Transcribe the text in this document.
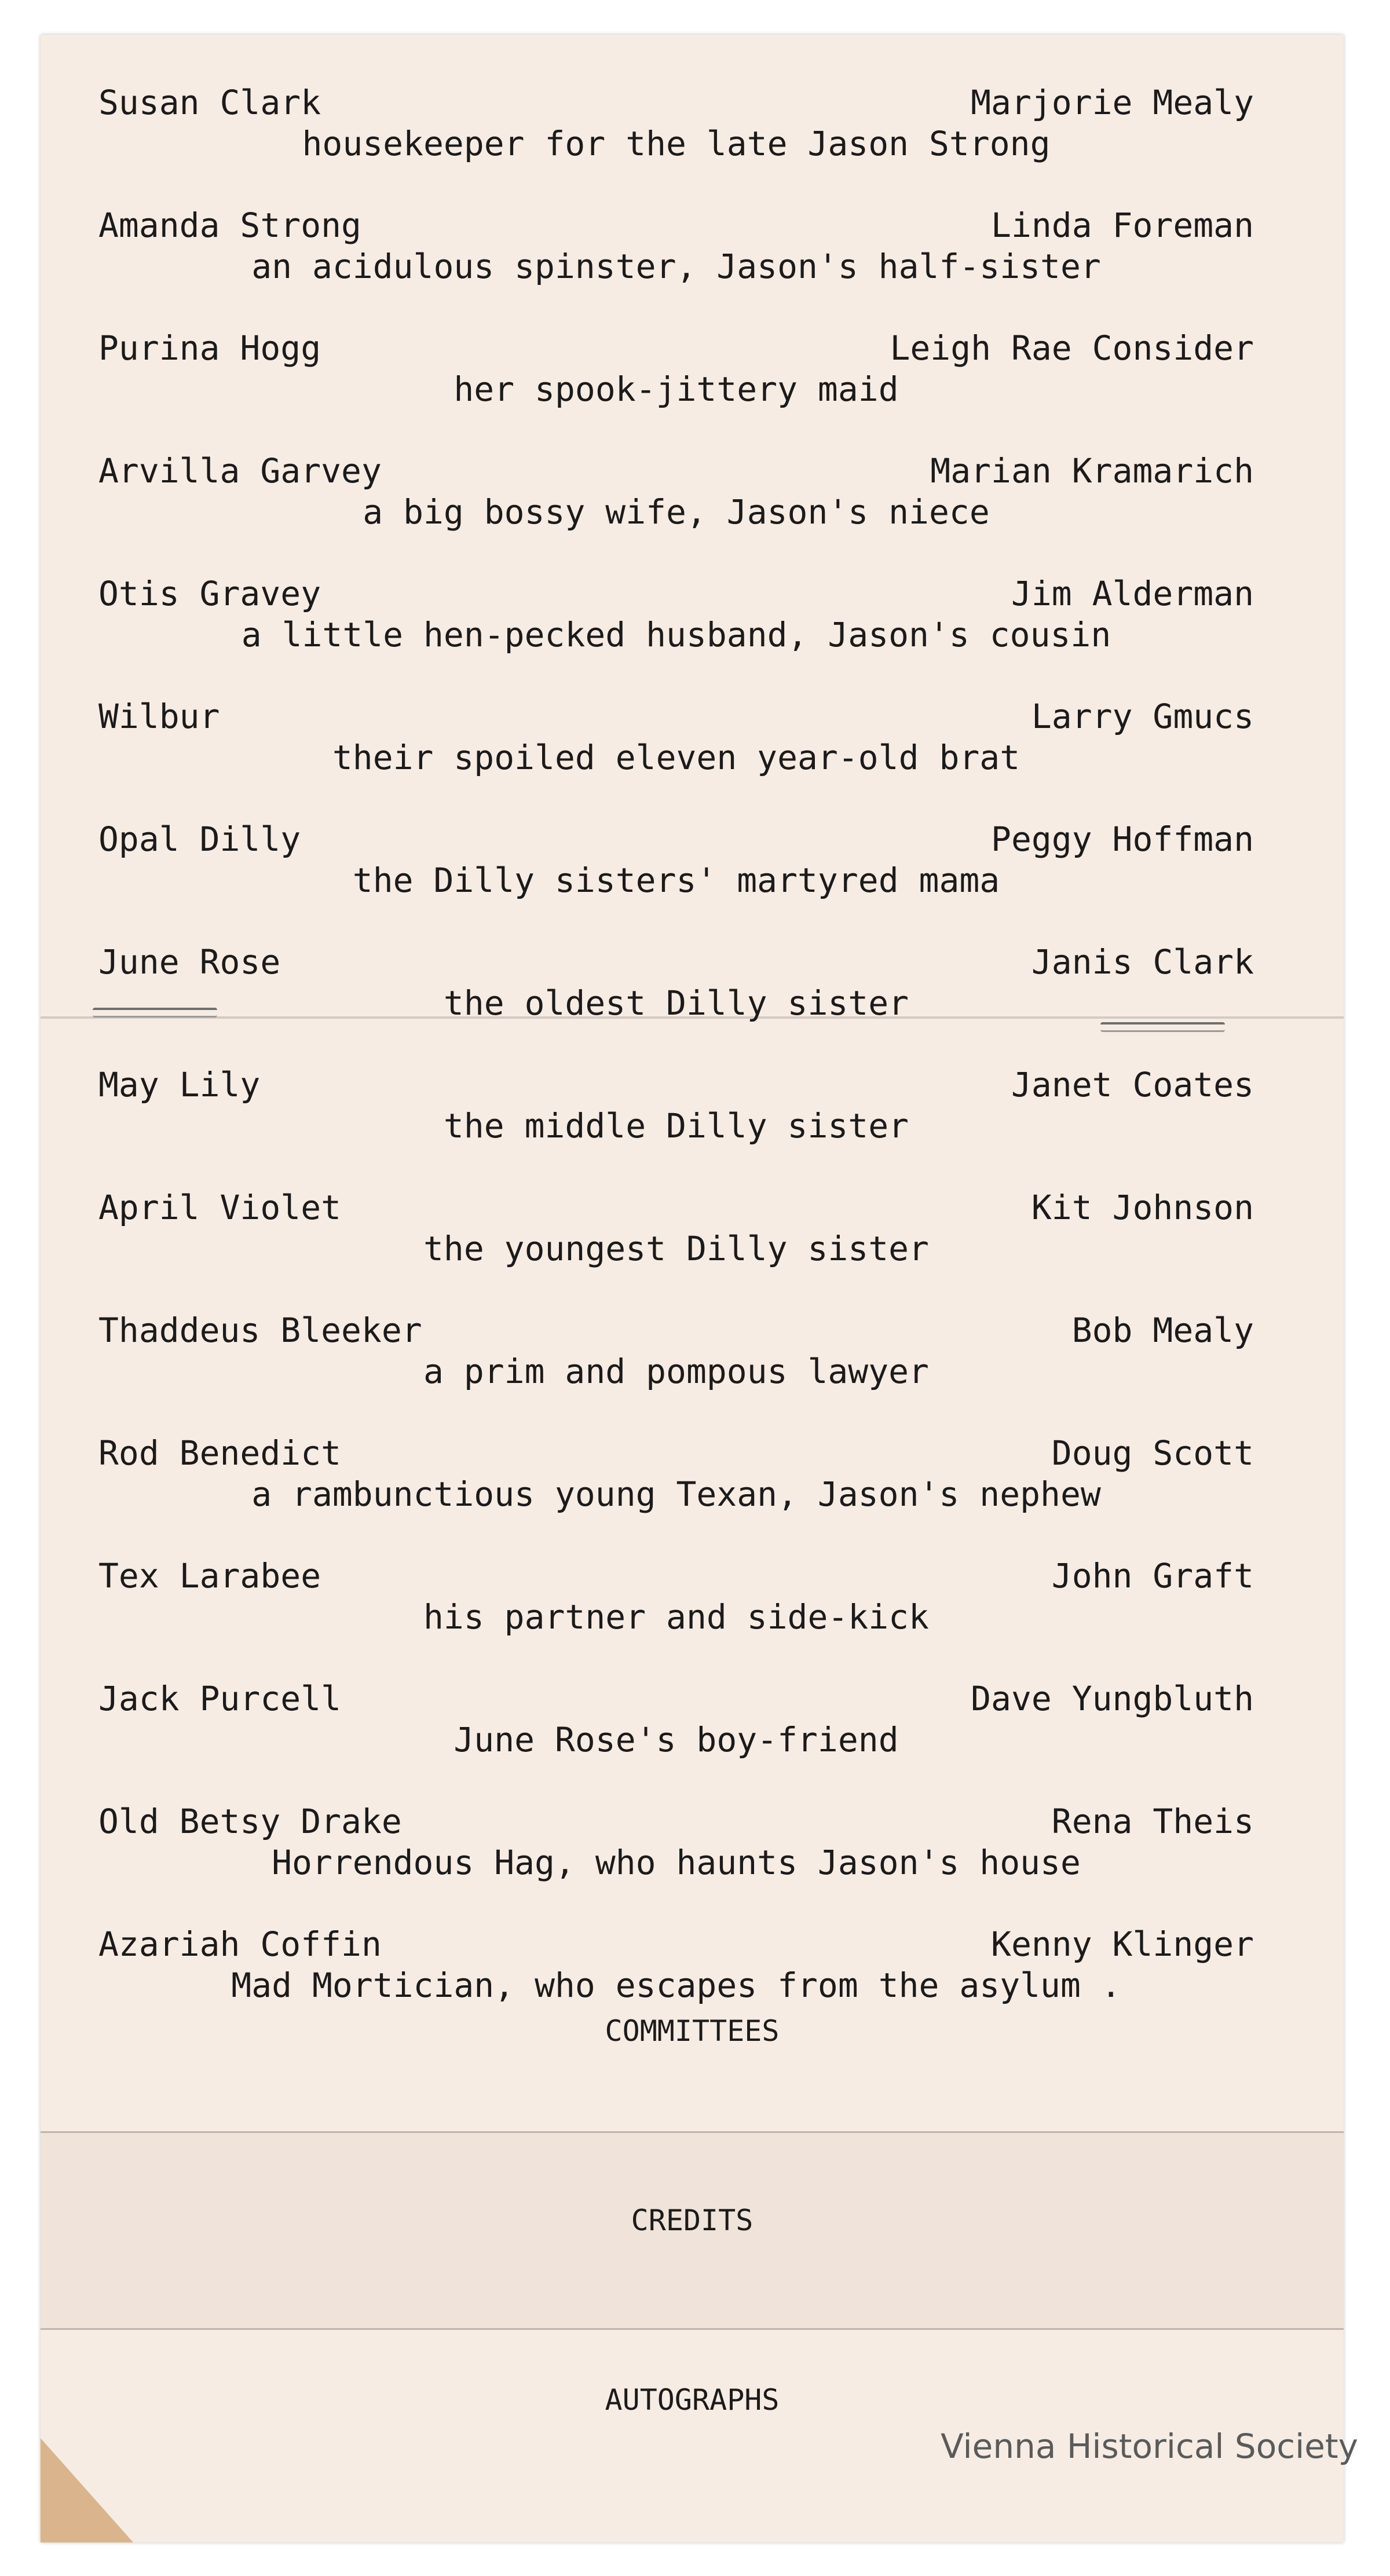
Susan Clark	Marjorie Mealy
housekeeper for the late Jason Strong
Amanda Strong	Linda Foreman
an acidulous spinster, Jason's half-sister
Purina Hogg	Leigh Rae Consider
her spook-jittery maid
Arvilla Garvey	Marian Kramarich
a big bossy wife, Jason's niece
Otis Gravey	Jim Alderman
a little hen-pecked husband, Jason's cousin
Wilbur	Larry Gmucs
their spoiled eleven year-old brat
Opal Dilly	Peggy Hoffman
the Dilly sisters' martyred mama
June Rose	Janis Clark
the oldest Dilly sister
May Lily	Janet Coates
the middle Dilly sister
April Violet	Kit Johnson
the youngest Dilly sister
Thaddeus Bleeker	Bob Mealy
a prim and pompous lawyer
Rod Benedict	Doug Scott
a rambunctious young Texan, Jason's nephew
Tex Larabee	John Graft
his partner and side-kick
Jack Purcell	Dave Yungbluth
June Rose's boy-friend
Old Betsy Drake	Rena Theis
Horrendous Hag, who haunts Jason's house
Azariah Coffin	Kenny Klinger
Mad Mortician, who escapes from the asylum .
COMMITTEES
CREDITS
AUTOGRAPHS
Vienna Historical Society
